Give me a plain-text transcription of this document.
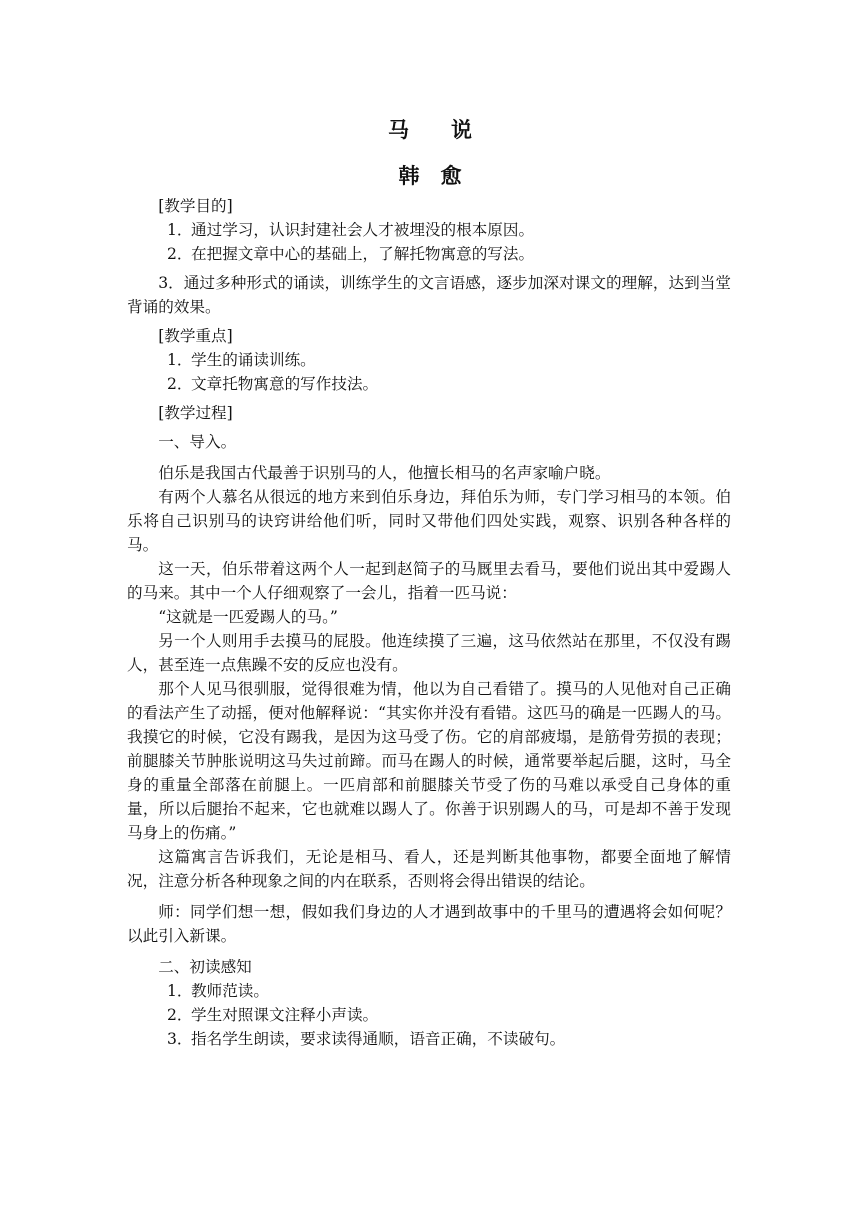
马　　说
韩　愈

[教学目的]

1．通过学习，认识封建社会人才被埋没的根本原因。

2．在把握文章中心的基础上，了解托物寓意的写法。

3．通过多种形式的诵读，训练学生的文言语感，逐步加深对课文的理解，达到当堂背诵的效果。

[教学重点]

1．学生的诵读训练。

2．文章托物寓意的写作技法。

[教学过程]

一、导入。

伯乐是我国古代最善于识别马的人，他擅长相马的名声家喻户晓。

有两个人慕名从很远的地方来到伯乐身边，拜伯乐为师，专门学习相马的本领。伯乐将自己识别马的诀窍讲给他们听，同时又带他们四处实践，观察、识别各种各样的马。

这一天，伯乐带着这两个人一起到赵简子的马厩里去看马，要他们说出其中爱踢人的马来。其中一个人仔细观察了一会儿，指着一匹马说：

“这就是一匹爱踢人的马。”

另一个人则用手去摸马的屁股。他连续摸了三遍，这马依然站在那里，不仅没有踢人，甚至连一点焦躁不安的反应也没有。

那个人见马很驯服，觉得很难为情，他以为自己看错了。摸马的人见他对自己正确的看法产生了动摇，便对他解释说：“其实你并没有看错。这匹马的确是一匹踢人的马。我摸它的时候，它没有踢我，是因为这马受了伤。它的肩部疲塌，是筋骨劳损的表现；前腿膝关节肿胀说明这马失过前蹄。而马在踢人的时候，通常要举起后腿，这时，马全身的重量全部落在前腿上。一匹肩部和前腿膝关节受了伤的马难以承受自己身体的重量，所以后腿抬不起来，它也就难以踢人了。你善于识别踢人的马，可是却不善于发现马身上的伤痛。”

这篇寓言告诉我们，无论是相马、看人，还是判断其他事物，都要全面地了解情况，注意分析各种现象之间的内在联系，否则将会得出错误的结论。

师：同学们想一想，假如我们身边的人才遇到故事中的千里马的遭遇将会如何呢？以此引入新课。

二、初读感知

1．教师范读。

2．学生对照课文注释小声读。

3．指名学生朗读，要求读得通顺，语音正确，不读破句。
